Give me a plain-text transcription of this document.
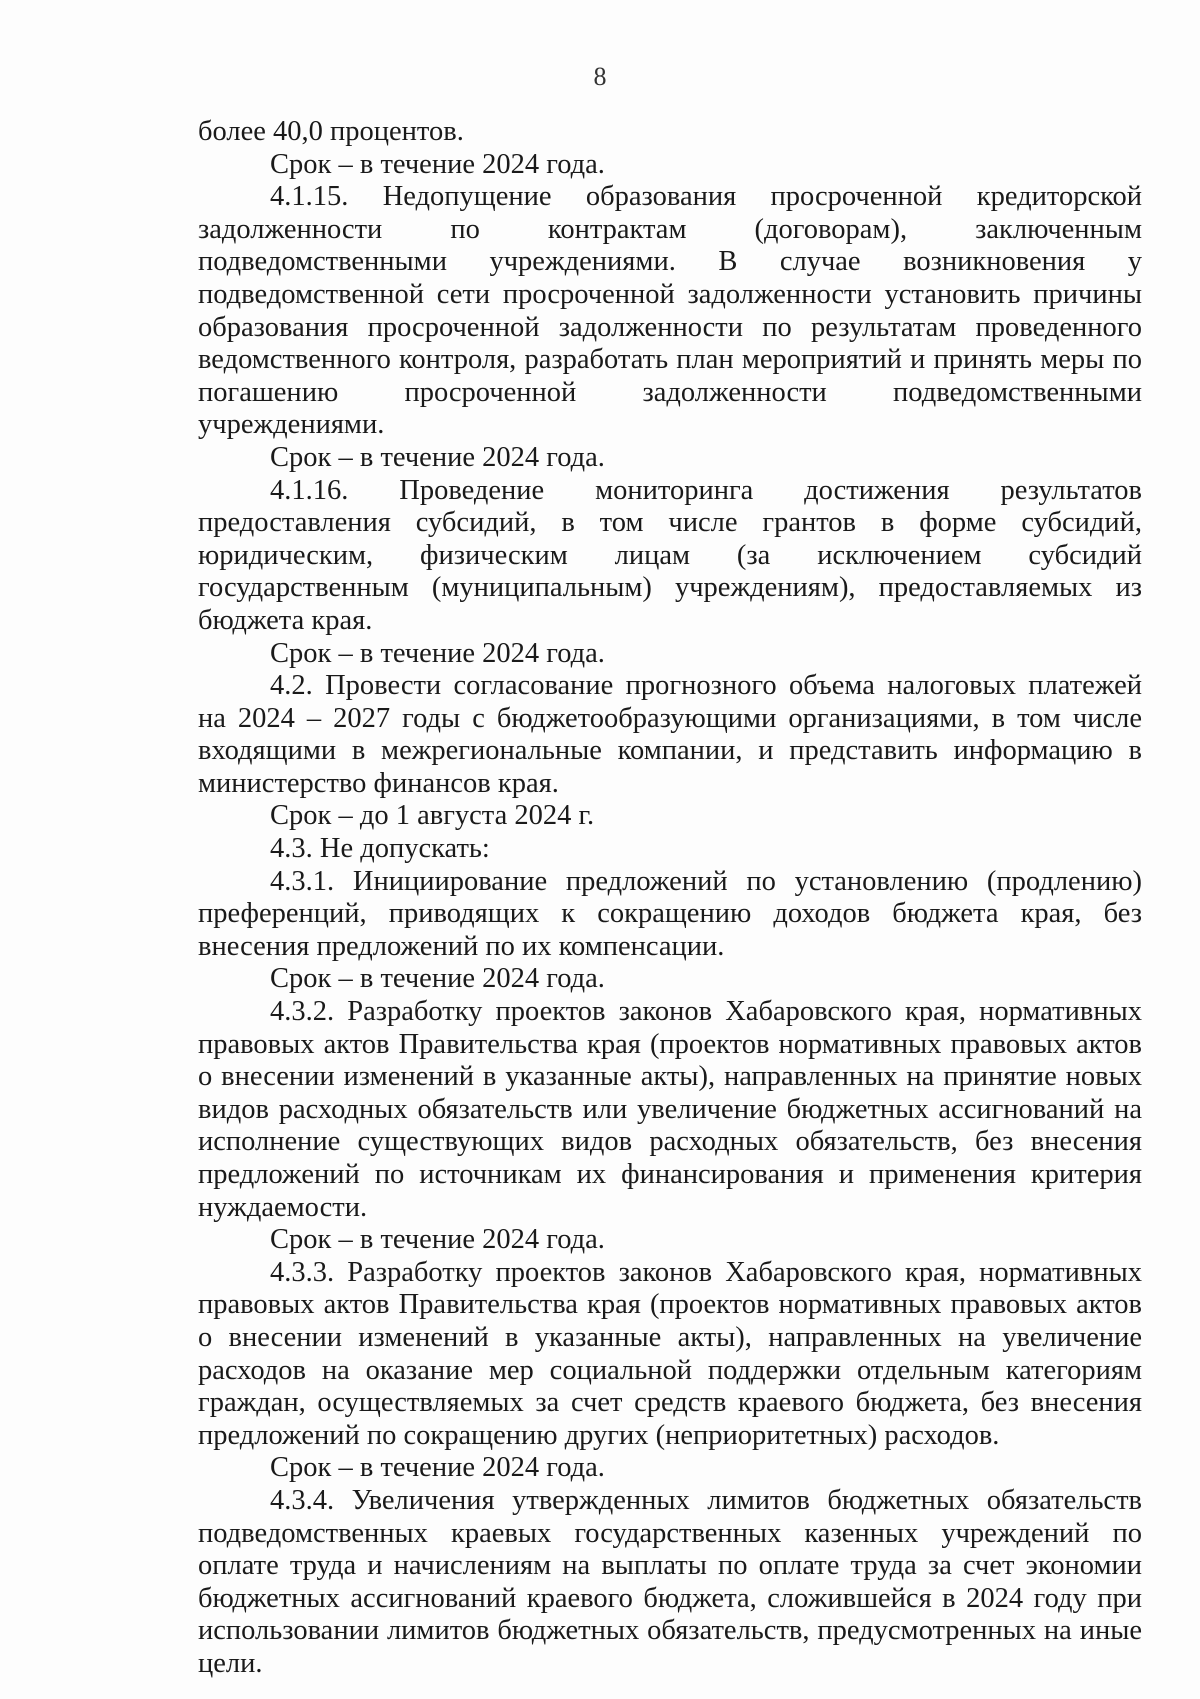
8

более 40,0 процентов.

Срок – в течение 2024 года.

4.1.15. Недопущение образования просроченной кредиторской задолженности по контрактам (договорам), заключенным подведомственными учреждениями. В случае возникновения у подведомственной сети просроченной задолженности установить причины образования просроченной задолженности по результатам проведенного ведомственного контроля, разработать план мероприятий и принять меры по погашению просроченной задолженности подведомственными учреждениями.

Срок – в течение 2024 года.

4.1.16. Проведение мониторинга достижения результатов предоставления субсидий, в том числе грантов в форме субсидий, юридическим, физическим лицам (за исключением субсидий государственным (муниципальным) учреждениям), предоставляемых из бюджета края.

Срок – в течение 2024 года.

4.2. Провести согласование прогнозного объема налоговых платежей на 2024 – 2027 годы с бюджетообразующими организациями, в том числе входящими в межрегиональные компании, и представить информацию в министерство финансов края.

Срок – до 1 августа 2024 г.

4.3. Не допускать:

4.3.1. Инициирование предложений по установлению (продлению) преференций, приводящих к сокращению доходов бюджета края, без внесения предложений по их компенсации.

Срок – в течение 2024 года.

4.3.2. Разработку проектов законов Хабаровского края, нормативных правовых актов Правительства края (проектов нормативных правовых актов о внесении изменений в указанные акты), направленных на принятие новых видов расходных обязательств или увеличение бюджетных ассигнований на исполнение существующих видов расходных обязательств, без внесения предложений по источникам их финансирования и применения критерия нуждаемости.

Срок – в течение 2024 года.

4.3.3. Разработку проектов законов Хабаровского края, нормативных правовых актов Правительства края (проектов нормативных правовых актов о внесении изменений в указанные акты), направленных на увеличение расходов на оказание мер социальной поддержки отдельным категориям граждан, осуществляемых за счет средств краевого бюджета, без внесения предложений по сокращению других (неприоритетных) расходов.

Срок – в течение 2024 года.

4.3.4. Увеличения утвержденных лимитов бюджетных обязательств подведомственных краевых государственных казенных учреждений по оплате труда и начислениям на выплаты по оплате труда за счет экономии бюджетных ассигнований краевого бюджета, сложившейся в 2024 году при использовании лимитов бюджетных обязательств, предусмотренных на иные цели.
